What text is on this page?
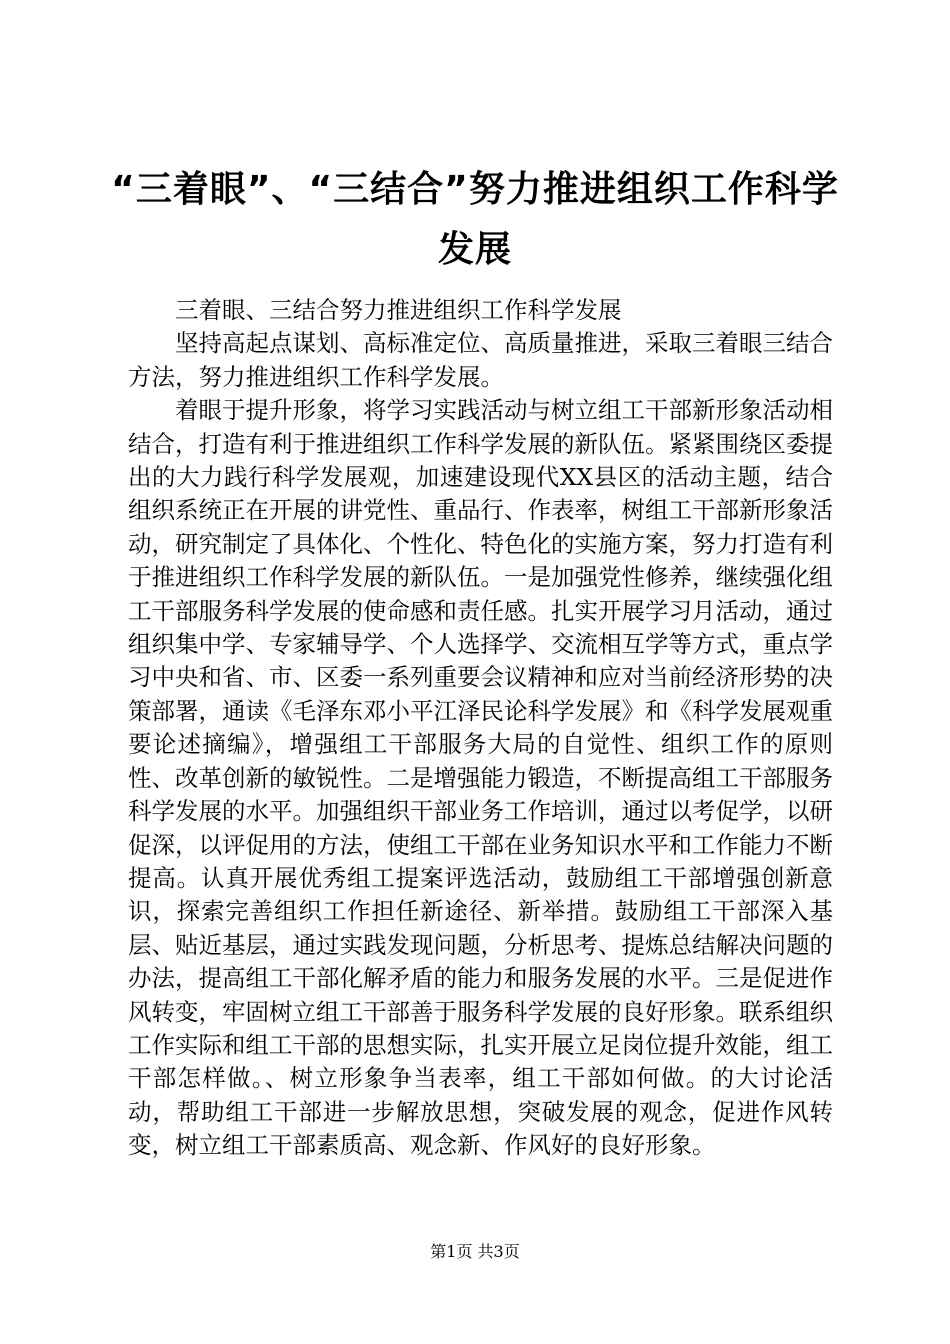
“三着眼”、“三结合”努力推进组织工作科学发展

三着眼、三结合努力推进组织工作科学发展

坚持高起点谋划、高标准定位、高质量推进，采取三着眼三结合方法，努力推进组织工作科学发展。

着眼于提升形象，将学习实践活动与树立组工干部新形象活动相结合，打造有利于推进组织工作科学发展的新队伍。紧紧围绕区委提出的大力践行科学发展观，加速建设现代XX县区的活动主题，结合组织系统正在开展的讲党性、重品行、作表率，树组工干部新形象活动，研究制定了具体化、个性化、特色化的实施方案，努力打造有利于推进组织工作科学发展的新队伍。一是加强党性修养，继续强化组工干部服务科学发展的使命感和责任感。扎实开展学习月活动，通过组织集中学、专家辅导学、个人选择学、交流相互学等方式，重点学习中央和省、市、区委一系列重要会议精神和应对当前经济形势的决策部署，通读《毛泽东邓小平江泽民论科学发展》和《科学发展观重要论述摘编》，增强组工干部服务大局的自觉性、组织工作的原则性、改革创新的敏锐性。二是增强能力锻造，不断提高组工干部服务科学发展的水平。加强组织干部业务工作培训，通过以考促学，以研促深，以评促用的方法，使组工干部在业务知识水平和工作能力不断提高。认真开展优秀组工提案评选活动，鼓励组工干部增强创新意识，探索完善组织工作担任新途径、新举措。鼓励组工干部深入基层、贴近基层，通过实践发现问题，分析思考、提炼总结解决问题的办法，提高组工干部化解矛盾的能力和服务发展的水平。三是促进作风转变，牢固树立组工干部善于服务科学发展的良好形象。联系组织工作实际和组工干部的思想实际，扎实开展立足岗位提升效能，组工干部怎样做。、树立形象争当表率，组工干部如何做。的大讨论活动，帮助组工干部进一步解放思想，突破发展的观念，促进作风转变，树立组工干部素质高、观念新、作风好的良好形象。

第1页 共3页
